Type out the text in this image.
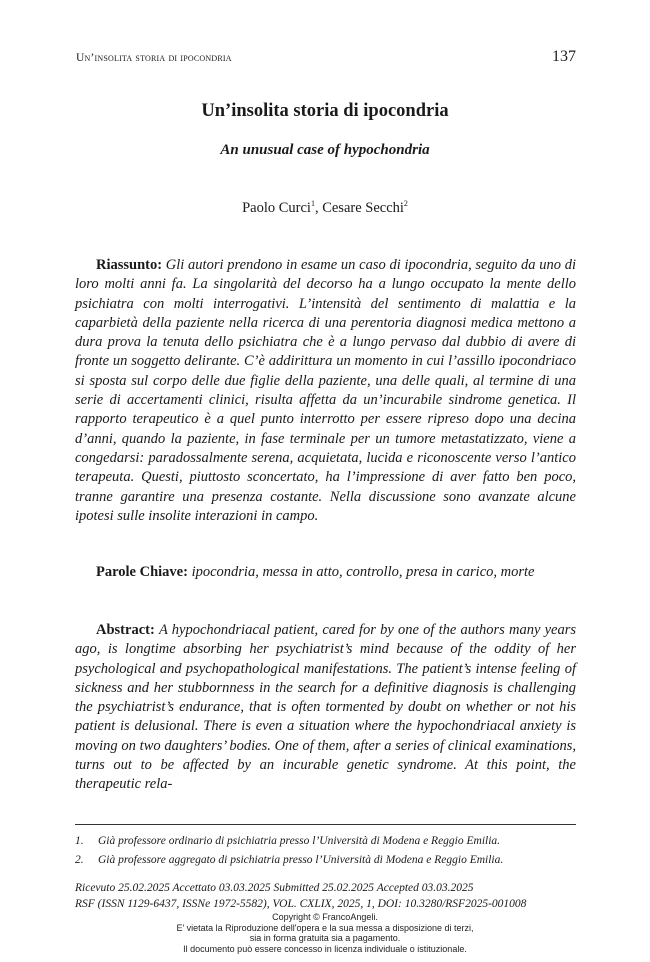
Un’insolita storia di ipocondria	137
Un’insolita storia di ipocondria
An unusual case of hypochondria
Paolo Curci$^1$, Cesare Secchi$^2$
Riassunto: Gli autori prendono in esame un caso di ipocondria, seguito da uno di loro molti anni fa. La singolarità del decorso ha a lungo occupato la mente dello psichiatra con molti interrogativi. L’intensità del sentimento di malattia e la caparbietà della paziente nella ricerca di una perentoria diagnosi medica mettono a dura prova la tenuta dello psichiatra che è a lungo pervaso dal dubbio di avere di fronte un soggetto delirante. C’è addirittura un momento in cui l’assillo ipocondriaco si sposta sul corpo delle due figlie della paziente, una delle quali, al termine di una serie di accertamenti clinici, risulta affetta da un’incurabile sindrome genetica. Il rapporto terapeutico è a quel punto interrotto per essere ripreso dopo una decina d’anni, quando la paziente, in fase terminale per un tumore metastatizzato, viene a congedarsi: paradossalmente serena, acquietata, lucida e riconoscente verso l’antico terapeuta. Questi, piuttosto sconcertato, ha l’impressione di aver fatto ben poco, tranne garantire una presenza costante. Nella discussione sono avanzate alcune ipotesi sulle insolite interazioni in campo.
Parole Chiave: ipocondria, messa in atto, controllo, presa in carico, morte
Abstract: A hypochondriacal patient, cared for by one of the authors many years ago, is longtime absorbing her psychiatrist’s mind because of the oddity of her psychological and psychopathological manifestations. The patient’s intense feeling of sickness and her stubbornness in the search for a definitive diagnosis is challenging the psychiatrist’s endurance, that is often tormented by doubt on whether or not his patient is delusional. There is even a situation where the hypochondriacal anxiety is moving on two daughters’ bodies. One of them, after a series of clinical examinations, turns out to be affected by an incurable genetic syndrome. At this point, the therapeutic rela-
1.	Già professore ordinario di psichiatria presso l’Università di Modena e Reggio Emilia.
2.	Già professore aggregato di psichiatria presso l’Università di Modena e Reggio Emilia.
Ricevuto 25.02.2025 Accettato 03.03.2025 Submitted 25.02.2025 Accepted 03.03.2025
RSF (ISSN 1129-6437, ISSNe 1972-5582), VOL. CXLIX, 2025, 1, DOI: 10.3280/RSF2025-001008
Copyright © FrancoAngeli.
E' vietata la Riproduzione dell'opera e la sua messa a disposizione di terzi,
sia in forma gratuita sia a pagamento.
Il documento può essere concesso in licenza individuale o istituzionale.
